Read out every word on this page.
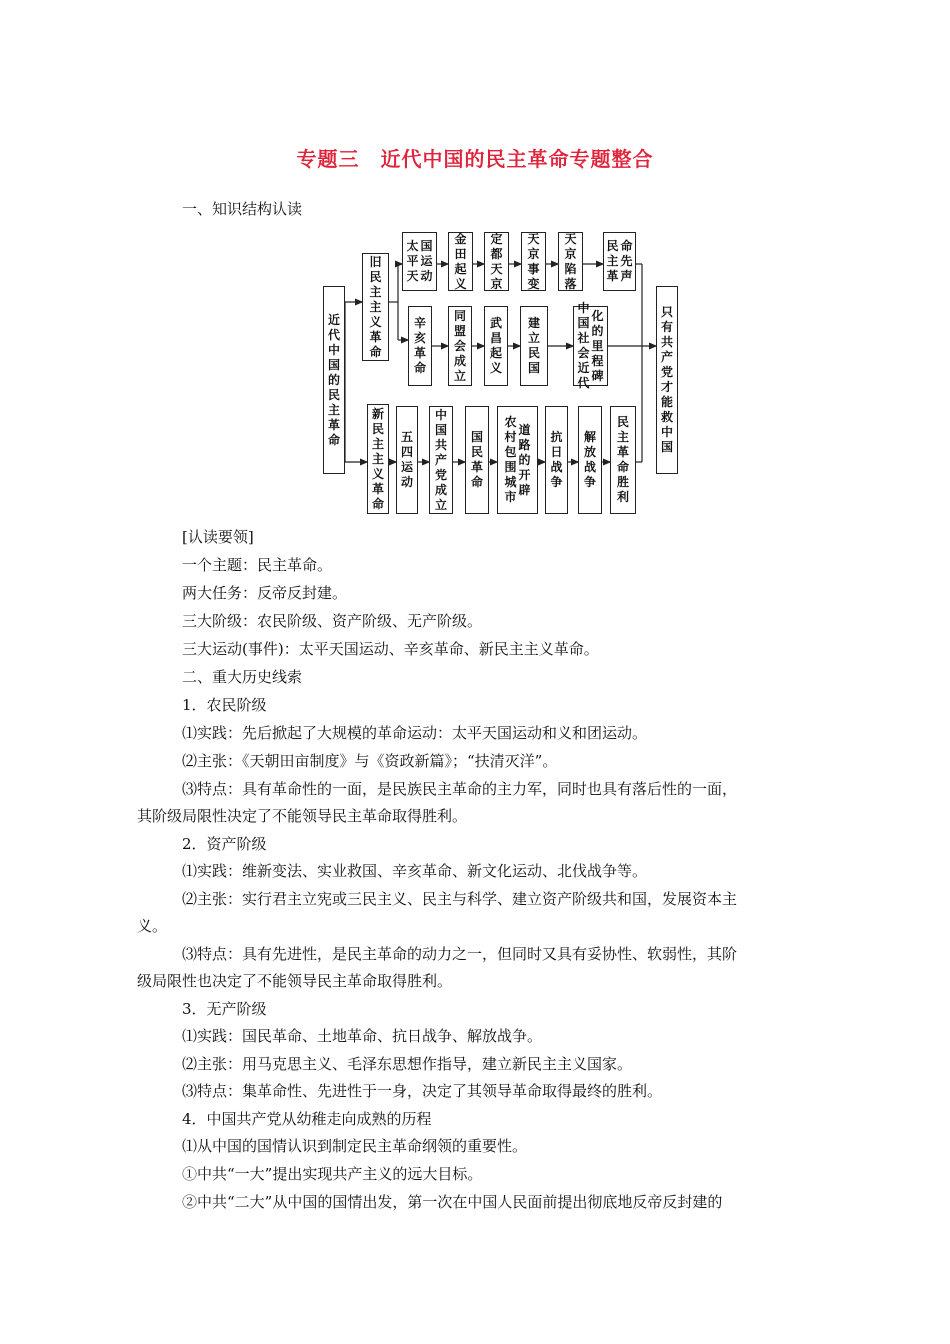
专题三　近代中国的民主革命专题整合
一、知识结构认读
近
代
中
国
的
民
主
革
命
旧
民
主
主
义
革
命
新
民
主
主
义
革
命
只
有
共
产
党
才
能
救
中
国
太
平
天
国
运
动
金
田
起
义
定
都
天
京
天
京
事
变
天
京
陷
落
民
主
革
命
先
声
辛
亥
革
命
同
盟
会
成
立
武
昌
起
义
建
立
民
国
中
国
社
会
近
代
化
的
里
程
碑
五
四
运
动
中
国
共
产
党
成
立
国
民
革
命
农
村
包
围
城
市
道
路
的
开
辟
抗
日
战
争
解
放
战
争
民
主
革
命
胜
利
[认读要领]
一个主题：民主革命。
两大任务：反帝反封建。
三大阶级：农民阶级、资产阶级、无产阶级。
三大运动(事件)：太平天国运动、辛亥革命、新民主主义革命。
二、重大历史线索
1．农民阶级
⑴实践：先后掀起了大规模的革命运动：太平天国运动和义和团运动。
⑵主张：《天朝田亩制度》与《资政新篇》；“扶清灭洋”。
⑶特点：具有革命性的一面，是民族民主革命的主力军，同时也具有落后性的一面，
其阶级局限性决定了不能领导民主革命取得胜利。
2．资产阶级
⑴实践：维新变法、实业救国、辛亥革命、新文化运动、北伐战争等。
⑵主张：实行君主立宪或三民主义、民主与科学、建立资产阶级共和国，发展资本主
义。
⑶特点：具有先进性，是民主革命的动力之一，但同时又具有妥协性、软弱性，其阶
级局限性也决定了不能领导民主革命取得胜利。
3．无产阶级
⑴实践：国民革命、土地革命、抗日战争、解放战争。
⑵主张：用马克思主义、毛泽东思想作指导，建立新民主主义国家。
⑶特点：集革命性、先进性于一身，决定了其领导革命取得最终的胜利。
4．中国共产党从幼稚走向成熟的历程
⑴从中国的国情认识到制定民主革命纲领的重要性。
①中共“一大”提出实现共产主义的远大目标。
②中共“二大”从中国的国情出发，第一次在中国人民面前提出彻底地反帝反封建的
